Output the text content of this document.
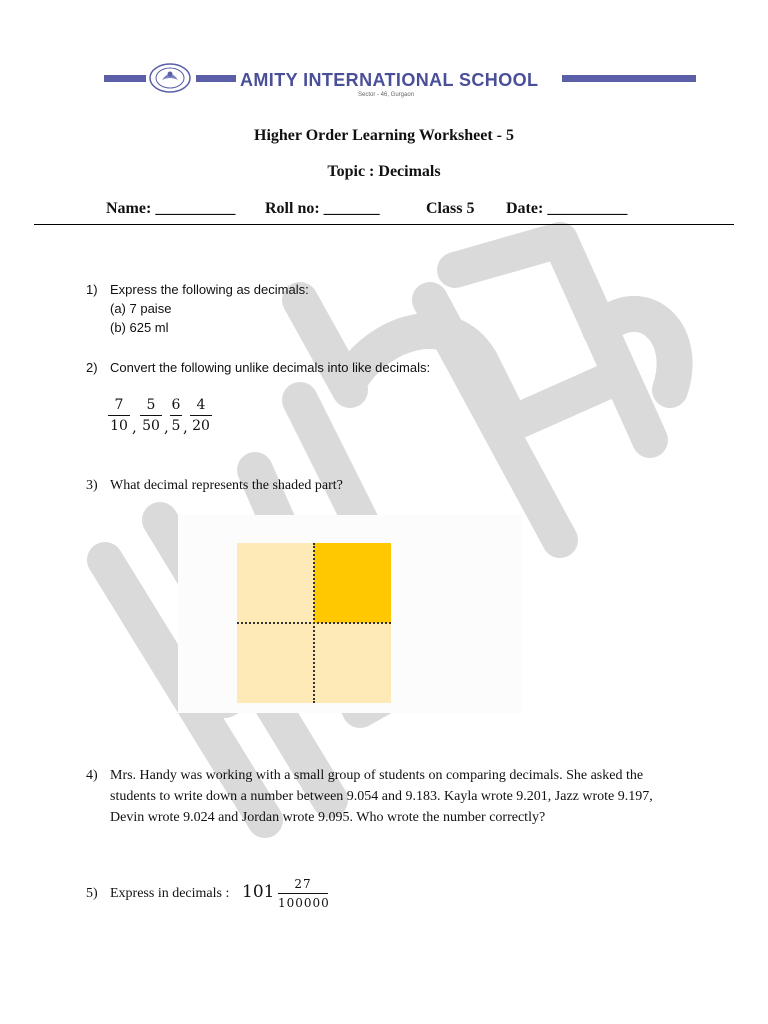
AMITY INTERNATIONAL SCHOOL
Sector - 46, Gurgaon
Higher Order Learning Worksheet - 5
Topic : Decimals
Name: __________ Roll no: _______	Class 5 Date: __________
1) Express the following as decimals:
(a) 7 paise
(b) 625 ml
2) Convert the following unlike decimals into like decimals:
7
10 ,
5
50 ,
6
5 ,
4
20
3) What decimal represents the shaded part?
4) Mrs. Handy was working with a small group of students on comparing decimals. She asked the
students to write down a number between 9.054 and 9.183. Kayla wrote 9.201, Jazz wrote 9.197,
Devin wrote 9.024 and Jordan wrote 9.095. Who wrote the number correctly?
5) Express in decimals : 101	27
100000
